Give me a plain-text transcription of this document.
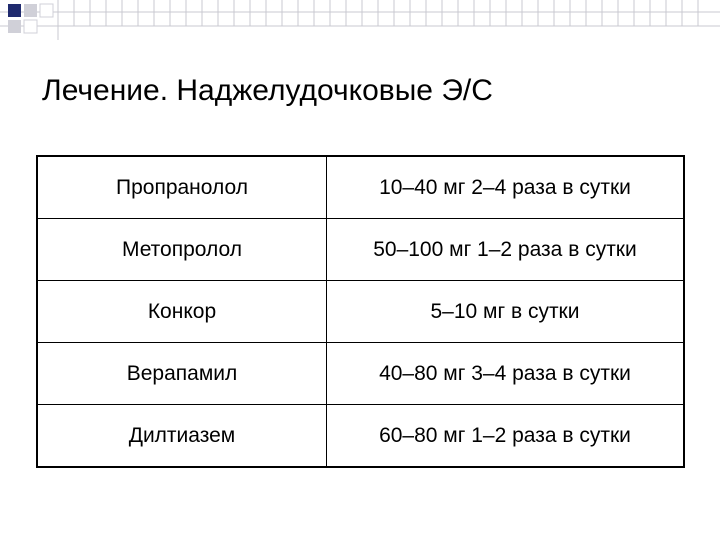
Лечение. Наджелудочковые Э/С
Пропранолол	10–40 мг 2–4 раза в сутки
Метопролол	50–100 мг 1–2 раза в сутки
Конкор	5–10 мг в сутки
Верапамил	40–80 мг 3–4 раза в сутки
Дилтиазем	60–80 мг 1–2 раза в сутки
